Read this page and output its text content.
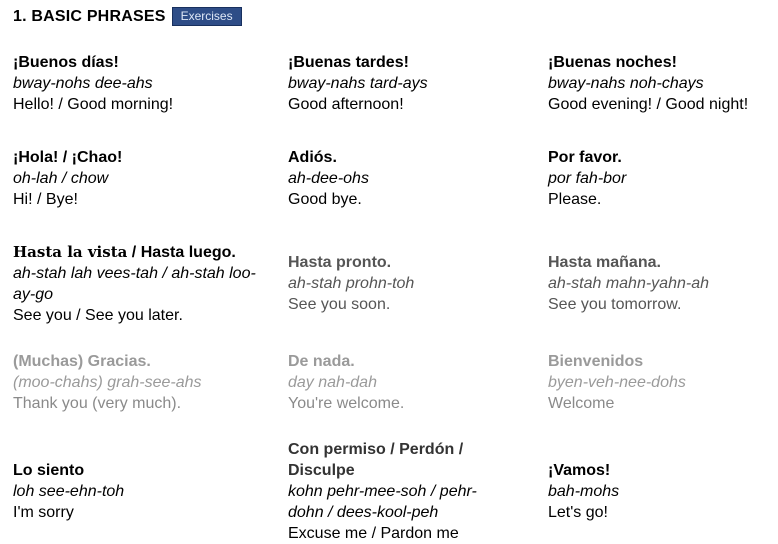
1. BASIC PHRASES	Exercises
¡Buenos días!
bway-nohs dee-ahs
Hello! / Good morning!
¡Buenas tardes!
bway-nahs tard-ays
Good afternoon!
¡Buenas noches!
bway-nahs noh-chays
Good evening! / Good night!
¡Hola! / ¡Chao!
oh-lah / chow
Hi! / Bye!
Adiós.
ah-dee-ohs
Good bye.
Por favor.
por fah-bor
Please.
Hasta la vista / Hasta luego.
ah-stah lah vees-tah / ah-stah loo-ay-go
See you / See you later.
Hasta pronto.
ah-stah prohn-toh
See you soon.
Hasta mañana.
ah-stah mahn-yahn-ah
See you tomorrow.
(Muchas) Gracias.
(moo-chahs) grah-see-ahs
Thank you (very much).
De nada.
day nah-dah
You're welcome.
Bienvenidos
byen-veh-nee-dohs
Welcome
Lo siento
loh see-ehn-toh
I'm sorry
Con permiso / Perdón / Disculpe
kohn pehr-mee-soh / pehr-dohn / dees-kool-peh
Excuse me / Pardon me
¡Vamos!
bah-mohs
Let's go!
